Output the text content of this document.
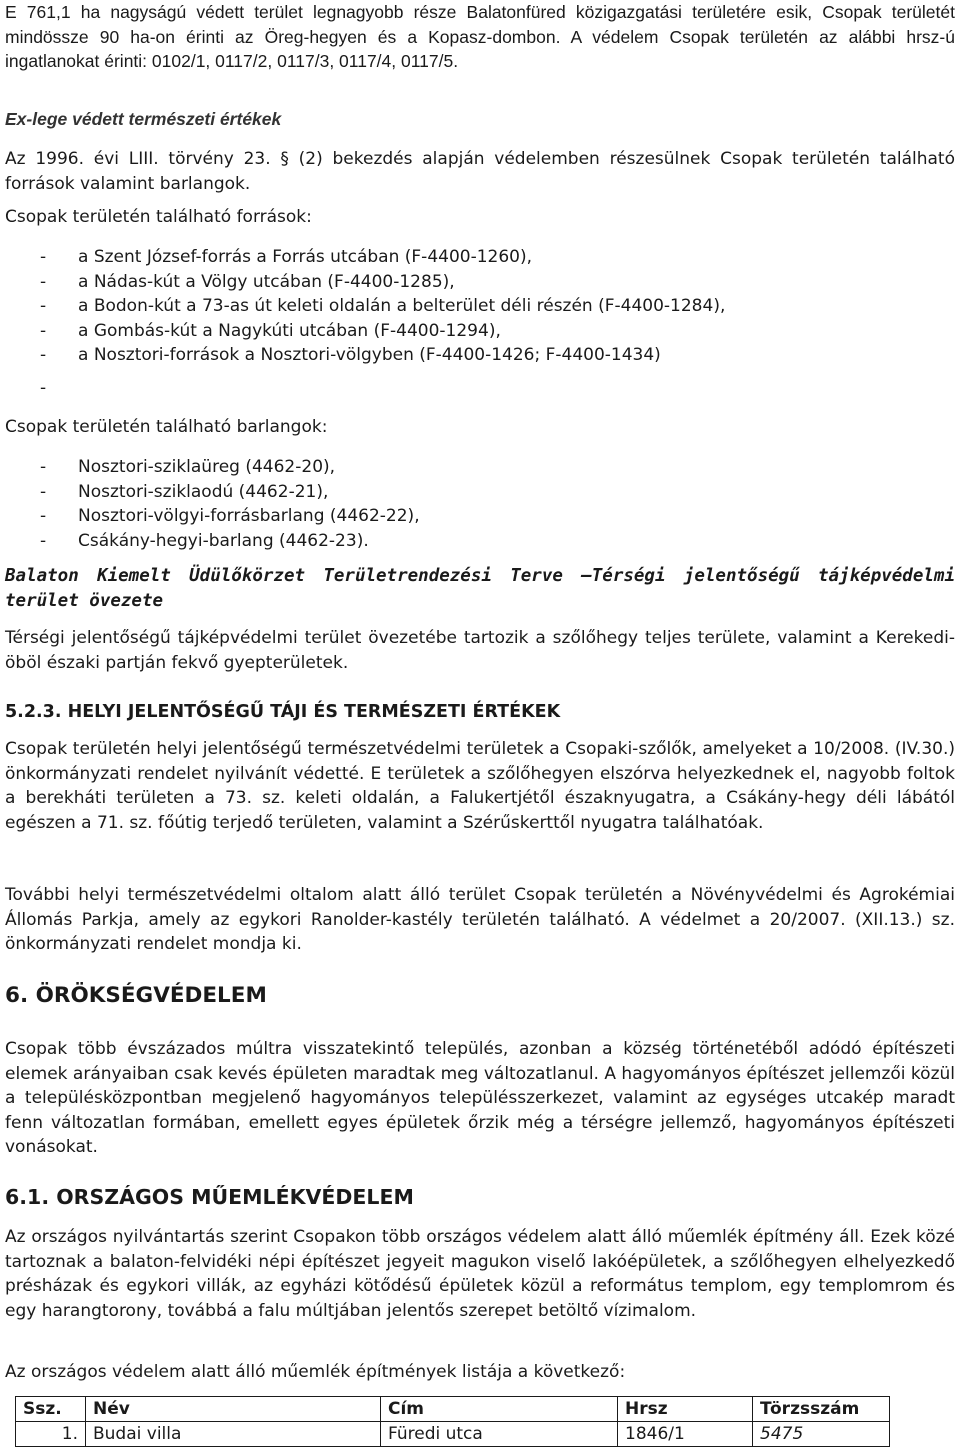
E 761,1 ha nagyságú védett terület legnagyobb része Balatonfüred közigazgatási területére esik, Csopak területét mindössze 90 ha-on érinti az Öreg-hegyen és a Kopasz-dombon. A védelem Csopak területén az alábbi hrsz-ú ingatlanokat érinti: 0102/1, 0117/2, 0117/3, 0117/4, 0117/5.

Ex-lege védett természeti értékek

Az 1996. évi LIII. törvény 23. § (2) bekezdés alapján védelemben részesülnek Csopak területén található források valamint barlangok.

Csopak területén található források:

- a Szent József-forrás a Forrás utcában (F-4400-1260),
- a Nádas-kút a Völgy utcában (F-4400-1285),
- a Bodon-kút a 73-as út keleti oldalán a belterület déli részén (F-4400-1284),
- a Gombás-kút a Nagykúti utcában (F-4400-1294),
- a Nosztori-források a Nosztori-völgyben (F-4400-1426; F-4400-1434)
-

Csopak területén található barlangok:

- Nosztori-sziklaüreg (4462-20),
- Nosztori-sziklaodú (4462-21),
- Nosztori-völgyi-forrásbarlang (4462-22),
- Csákány-hegyi-barlang (4462-23).

Balaton Kiemelt Üdülőkörzet Területrendezési Terve –Térségi jelentőségű tájképvédelmi terület övezete

Térségi jelentőségű tájképvédelmi terület övezetébe tartozik a szőlőhegy teljes területe, valamint a Kerekedi-öböl északi partján fekvő gyepterületek.

5.2.3. HELYI JELENTŐSÉGŰ TÁJI ÉS TERMÉSZETI ÉRTÉKEK

Csopak területén helyi jelentőségű természetvédelmi területek a Csopaki-szőlők, amelyeket a 10/2008. (IV.30.) önkormányzati rendelet nyilvánít védetté. E területek a szőlőhegyen elszórva helyezkednek el, nagyobb foltok a berekháti területen a 73. sz. keleti oldalán, a Falukertjétől északnyugatra, a Csákány-hegy déli lábától egészen a 71. sz. főútig terjedő területen, valamint a Szérűskerttől nyugatra találhatóak.

További helyi természetvédelmi oltalom alatt álló terület Csopak területén a Növényvédelmi és Agrokémiai Állomás Parkja, amely az egykori Ranolder-kastély területén található. A védelmet a 20/2007. (XII.13.) sz. önkormányzati rendelet mondja ki.

6. ÖRÖKSÉGVÉDELEM

Csopak több évszázados múltra visszatekintő település, azonban a község történetéből adódó építészeti elemek arányaiban csak kevés épületen maradtak meg változatlanul. A hagyományos építészet jellemzői közül a településközpontban megjelenő hagyományos településszerkezet, valamint az egységes utcakép maradt fenn változatlan formában, emellett egyes épületek őrzik még a térségre jellemző, hagyományos építészeti vonásokat.

6.1. ORSZÁGOS MŰEMLÉKVÉDELEM

Az országos nyilvántartás szerint Csopakon több országos védelem alatt álló műemlék építmény áll. Ezek közé tartoznak a balaton-felvidéki népi építészet jegyeit magukon viselő lakóépületek, a szőlőhegyen elhelyezkedő présházak és egykori villák, az egyházi kötődésű épületek közül a református templom, egy templomrom és egy harangtorony, továbbá a falu múltjában jelentős szerepet betöltő vízimalom.

Az országos védelem alatt álló műemlék építmények listája a következő:

Ssz.	Név	Cím	Hrsz	Törzsszám
1.	Budai villa	Füredi utca	1846/1	5475
